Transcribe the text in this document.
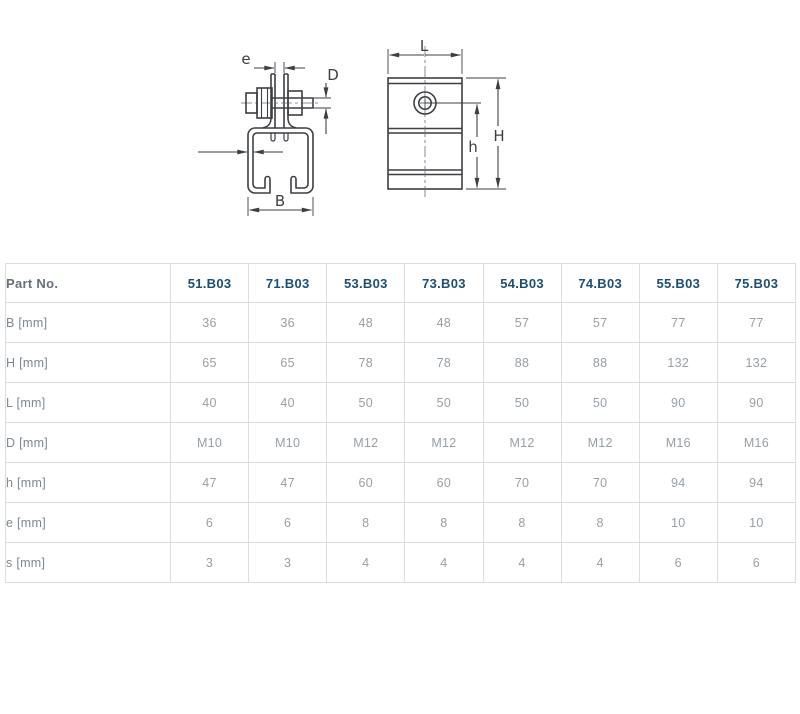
e
D
B
L
h
H
Part No.	51.B03	71.B03	53.B03	73.B03	54.B03	74.B03	55.B03	75.B03
B [mm]	36	36	48	48	57	57	77	77
H [mm]	65	65	78	78	88	88	132	132
L [mm]	40	40	50	50	50	50	90	90
D [mm]	M10	M10	M12	M12	M12	M12	M16	M16
h [mm]	47	47	60	60	70	70	94	94
e [mm]	6	6	8	8	8	8	10	10
s [mm]	3	3	4	4	4	4	6	6
